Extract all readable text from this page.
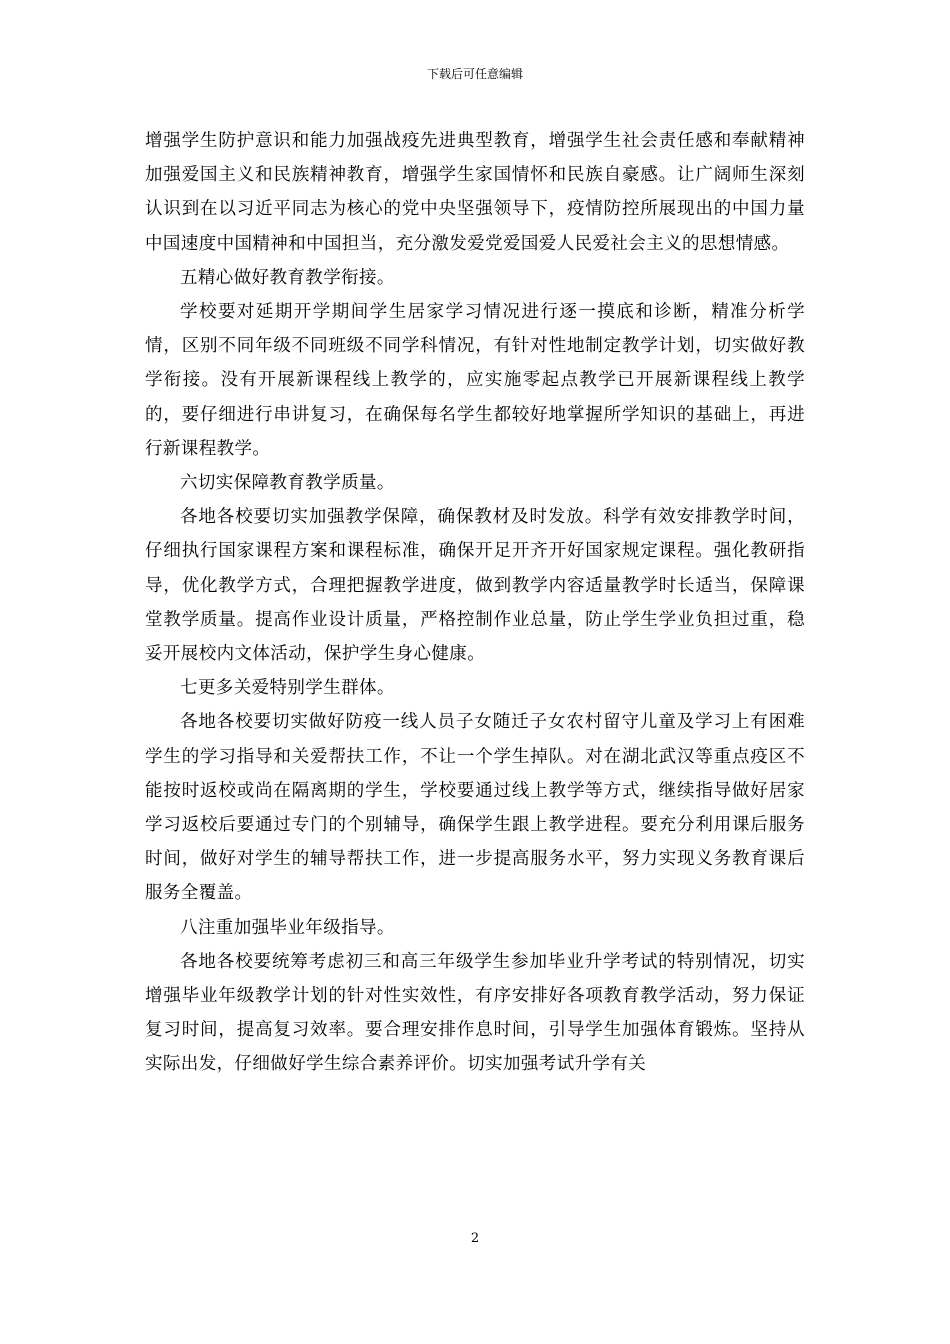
下载后可任意编辑

增强学生防护意识和能力加强战疫先进典型教育，增强学生社会责任感和奉献精神加强爱国主义和民族精神教育，增强学生家国情怀和民族自豪感。让广阔师生深刻认识到在以习近平同志为核心的党中央坚强领导下，疫情防控所展现出的中国力量中国速度中国精神和中国担当，充分激发爱党爱国爱人民爱社会主义的思想情感。

五精心做好教育教学衔接。

学校要对延期开学期间学生居家学习情况进行逐一摸底和诊断，精准分析学情，区别不同年级不同班级不同学科情况，有针对性地制定教学计划，切实做好教学衔接。没有开展新课程线上教学的，应实施零起点教学已开展新课程线上教学的，要仔细进行串讲复习，在确保每名学生都较好地掌握所学知识的基础上，再进行新课程教学。

六切实保障教育教学质量。

各地各校要切实加强教学保障，确保教材及时发放。科学有效安排教学时间，仔细执行国家课程方案和课程标准，确保开足开齐开好国家规定课程。强化教研指导，优化教学方式，合理把握教学进度，做到教学内容适量教学时长适当，保障课堂教学质量。提高作业设计质量，严格控制作业总量，防止学生学业负担过重，稳妥开展校内文体活动，保护学生身心健康。

七更多关爱特别学生群体。

各地各校要切实做好防疫一线人员子女随迁子女农村留守儿童及学习上有困难学生的学习指导和关爱帮扶工作，不让一个学生掉队。对在湖北武汉等重点疫区不能按时返校或尚在隔离期的学生，学校要通过线上教学等方式，继续指导做好居家学习返校后要通过专门的个别辅导，确保学生跟上教学进程。要充分利用课后服务时间，做好对学生的辅导帮扶工作，进一步提高服务水平，努力实现义务教育课后服务全覆盖。

八注重加强毕业年级指导。

各地各校要统筹考虑初三和高三年级学生参加毕业升学考试的特别情况，切实增强毕业年级教学计划的针对性实效性，有序安排好各项教育教学活动，努力保证复习时间，提高复习效率。要合理安排作息时间，引导学生加强体育锻炼。坚持从实际出发，仔细做好学生综合素养评价。切实加强考试升学有关

2
